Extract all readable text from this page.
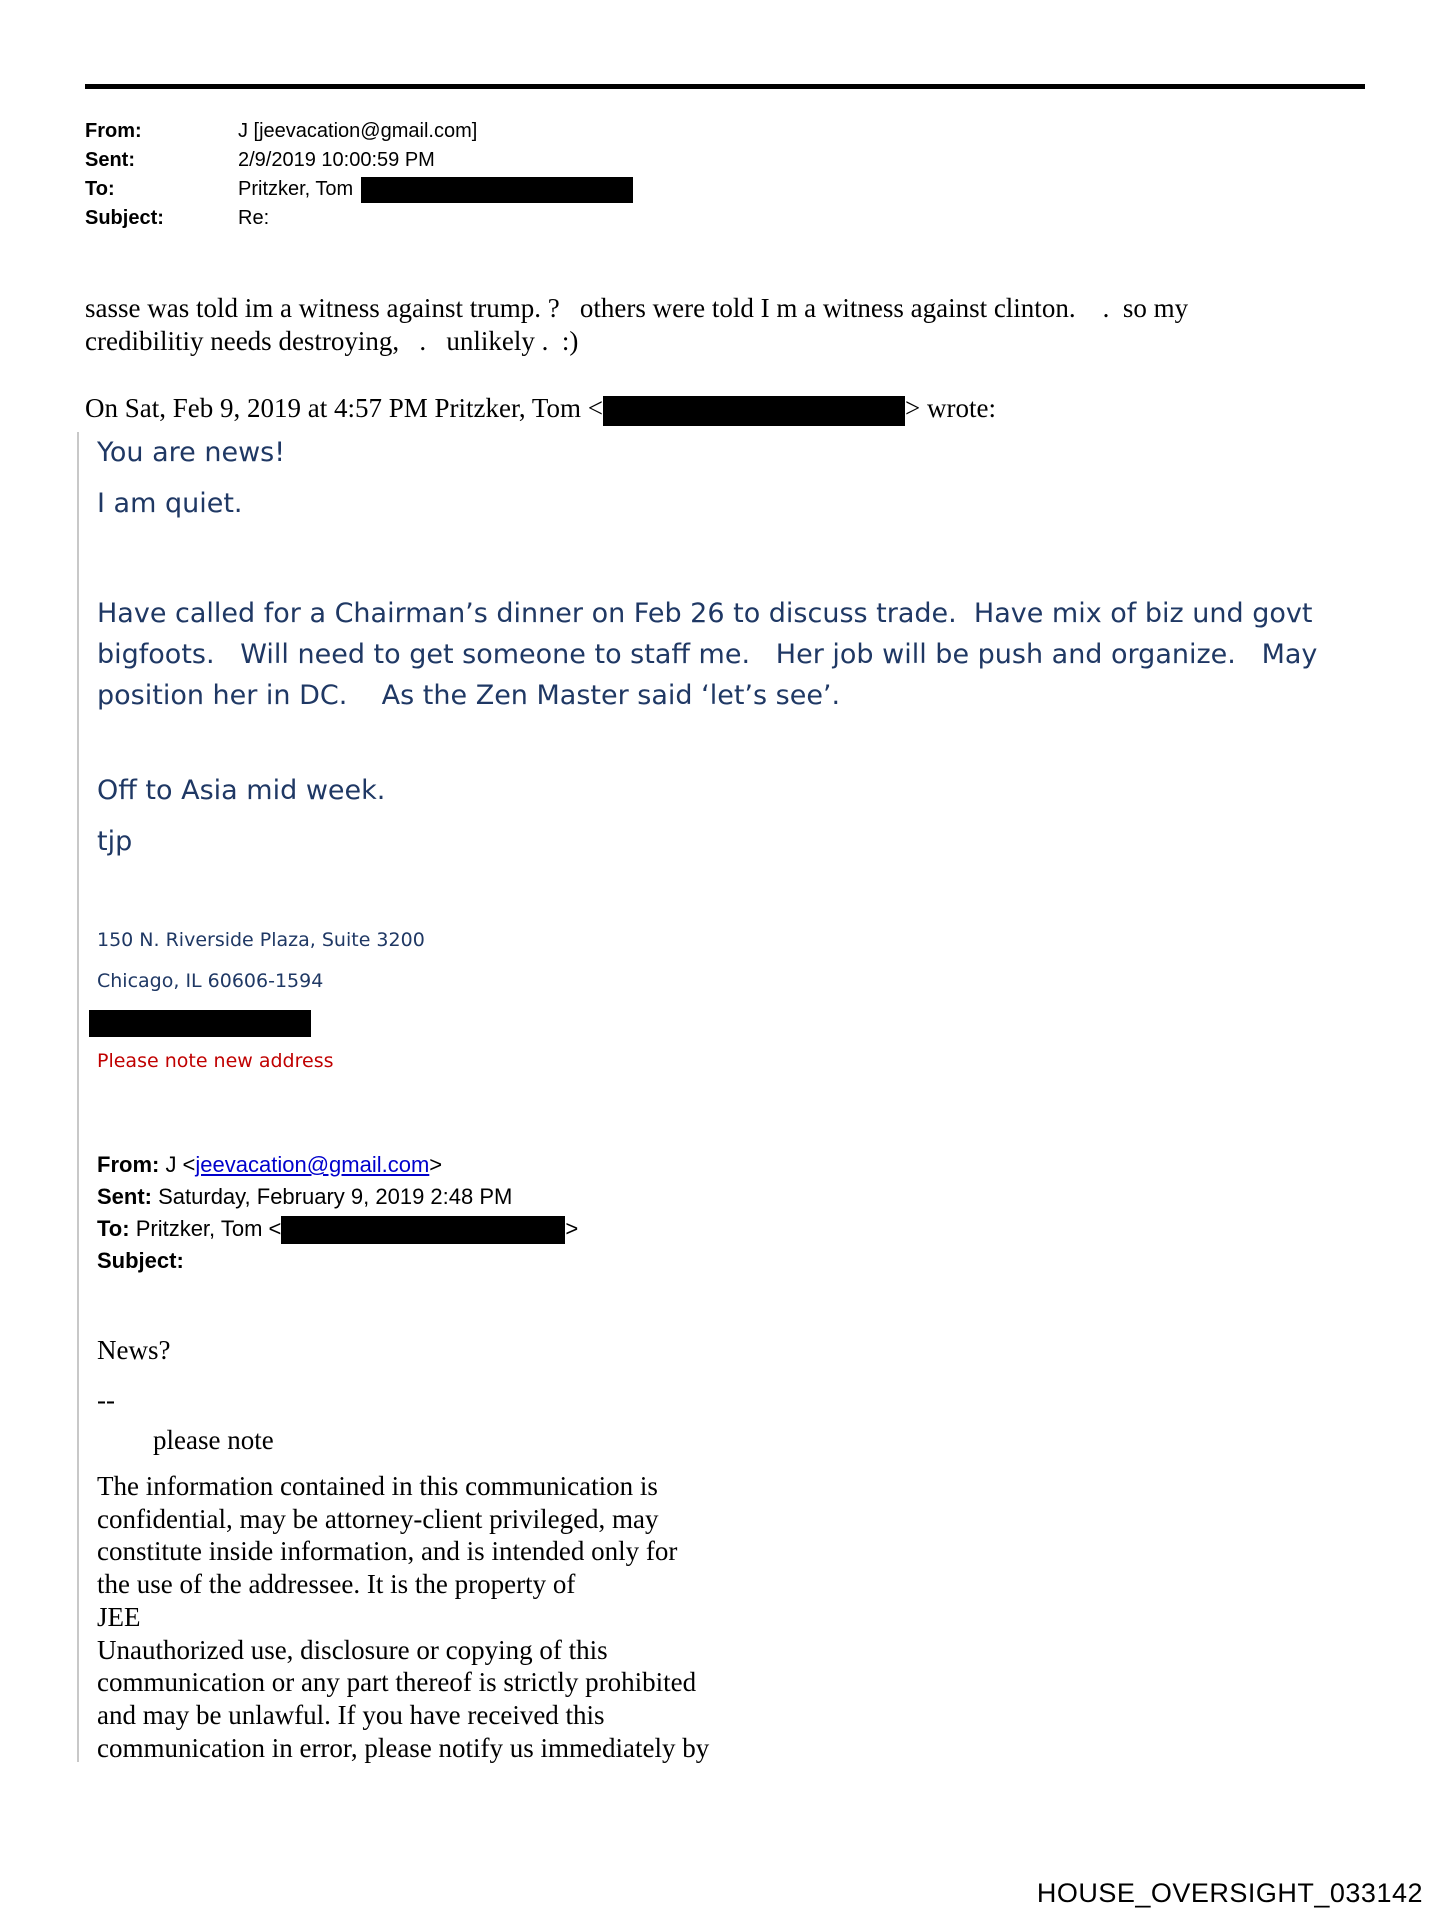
From:	J [jeevacation@gmail.com]
Sent:	2/9/2019 10:00:59 PM
To:	Pritzker, Tom
Subject:	Re:
sasse was told im a witness against trump. ?   others were told I m a witness against clinton.    .  so my
credibilitiy needs destroying,   .   unlikely .  :)
On Sat, Feb 9, 2019 at 4:57 PM Pritzker, Tom <	> wrote:

You are news!

I am quiet.

Have called for a Chairman’s dinner on Feb 26 to discuss trade.  Have mix of biz und govt
bigfoots.   Will need to get someone to staff me.   Her job will be push and organize.   May
position her in DC.    As the Zen Master said ‘let’s see’.

Off to Asia mid week.

tjp

150 N. Riverside Plaza, Suite 3200

Chicago, IL 60606-1594

Please note new address

From: J <jeevacation@gmail.com>
Sent: Saturday, February 9, 2019 2:48 PM
To: Pritzker, Tom <	>
Subject:
News?
--
please note
The information contained in this communication is
confidential, may be attorney-client privileged, may
constitute inside information, and is intended only for
the use of the addressee. It is the property of
JEE
Unauthorized use, disclosure or copying of this
communication or any part thereof is strictly prohibited
and may be unlawful. If you have received this
communication in error, please notify us immediately by
HOUSE_OVERSIGHT_033142
